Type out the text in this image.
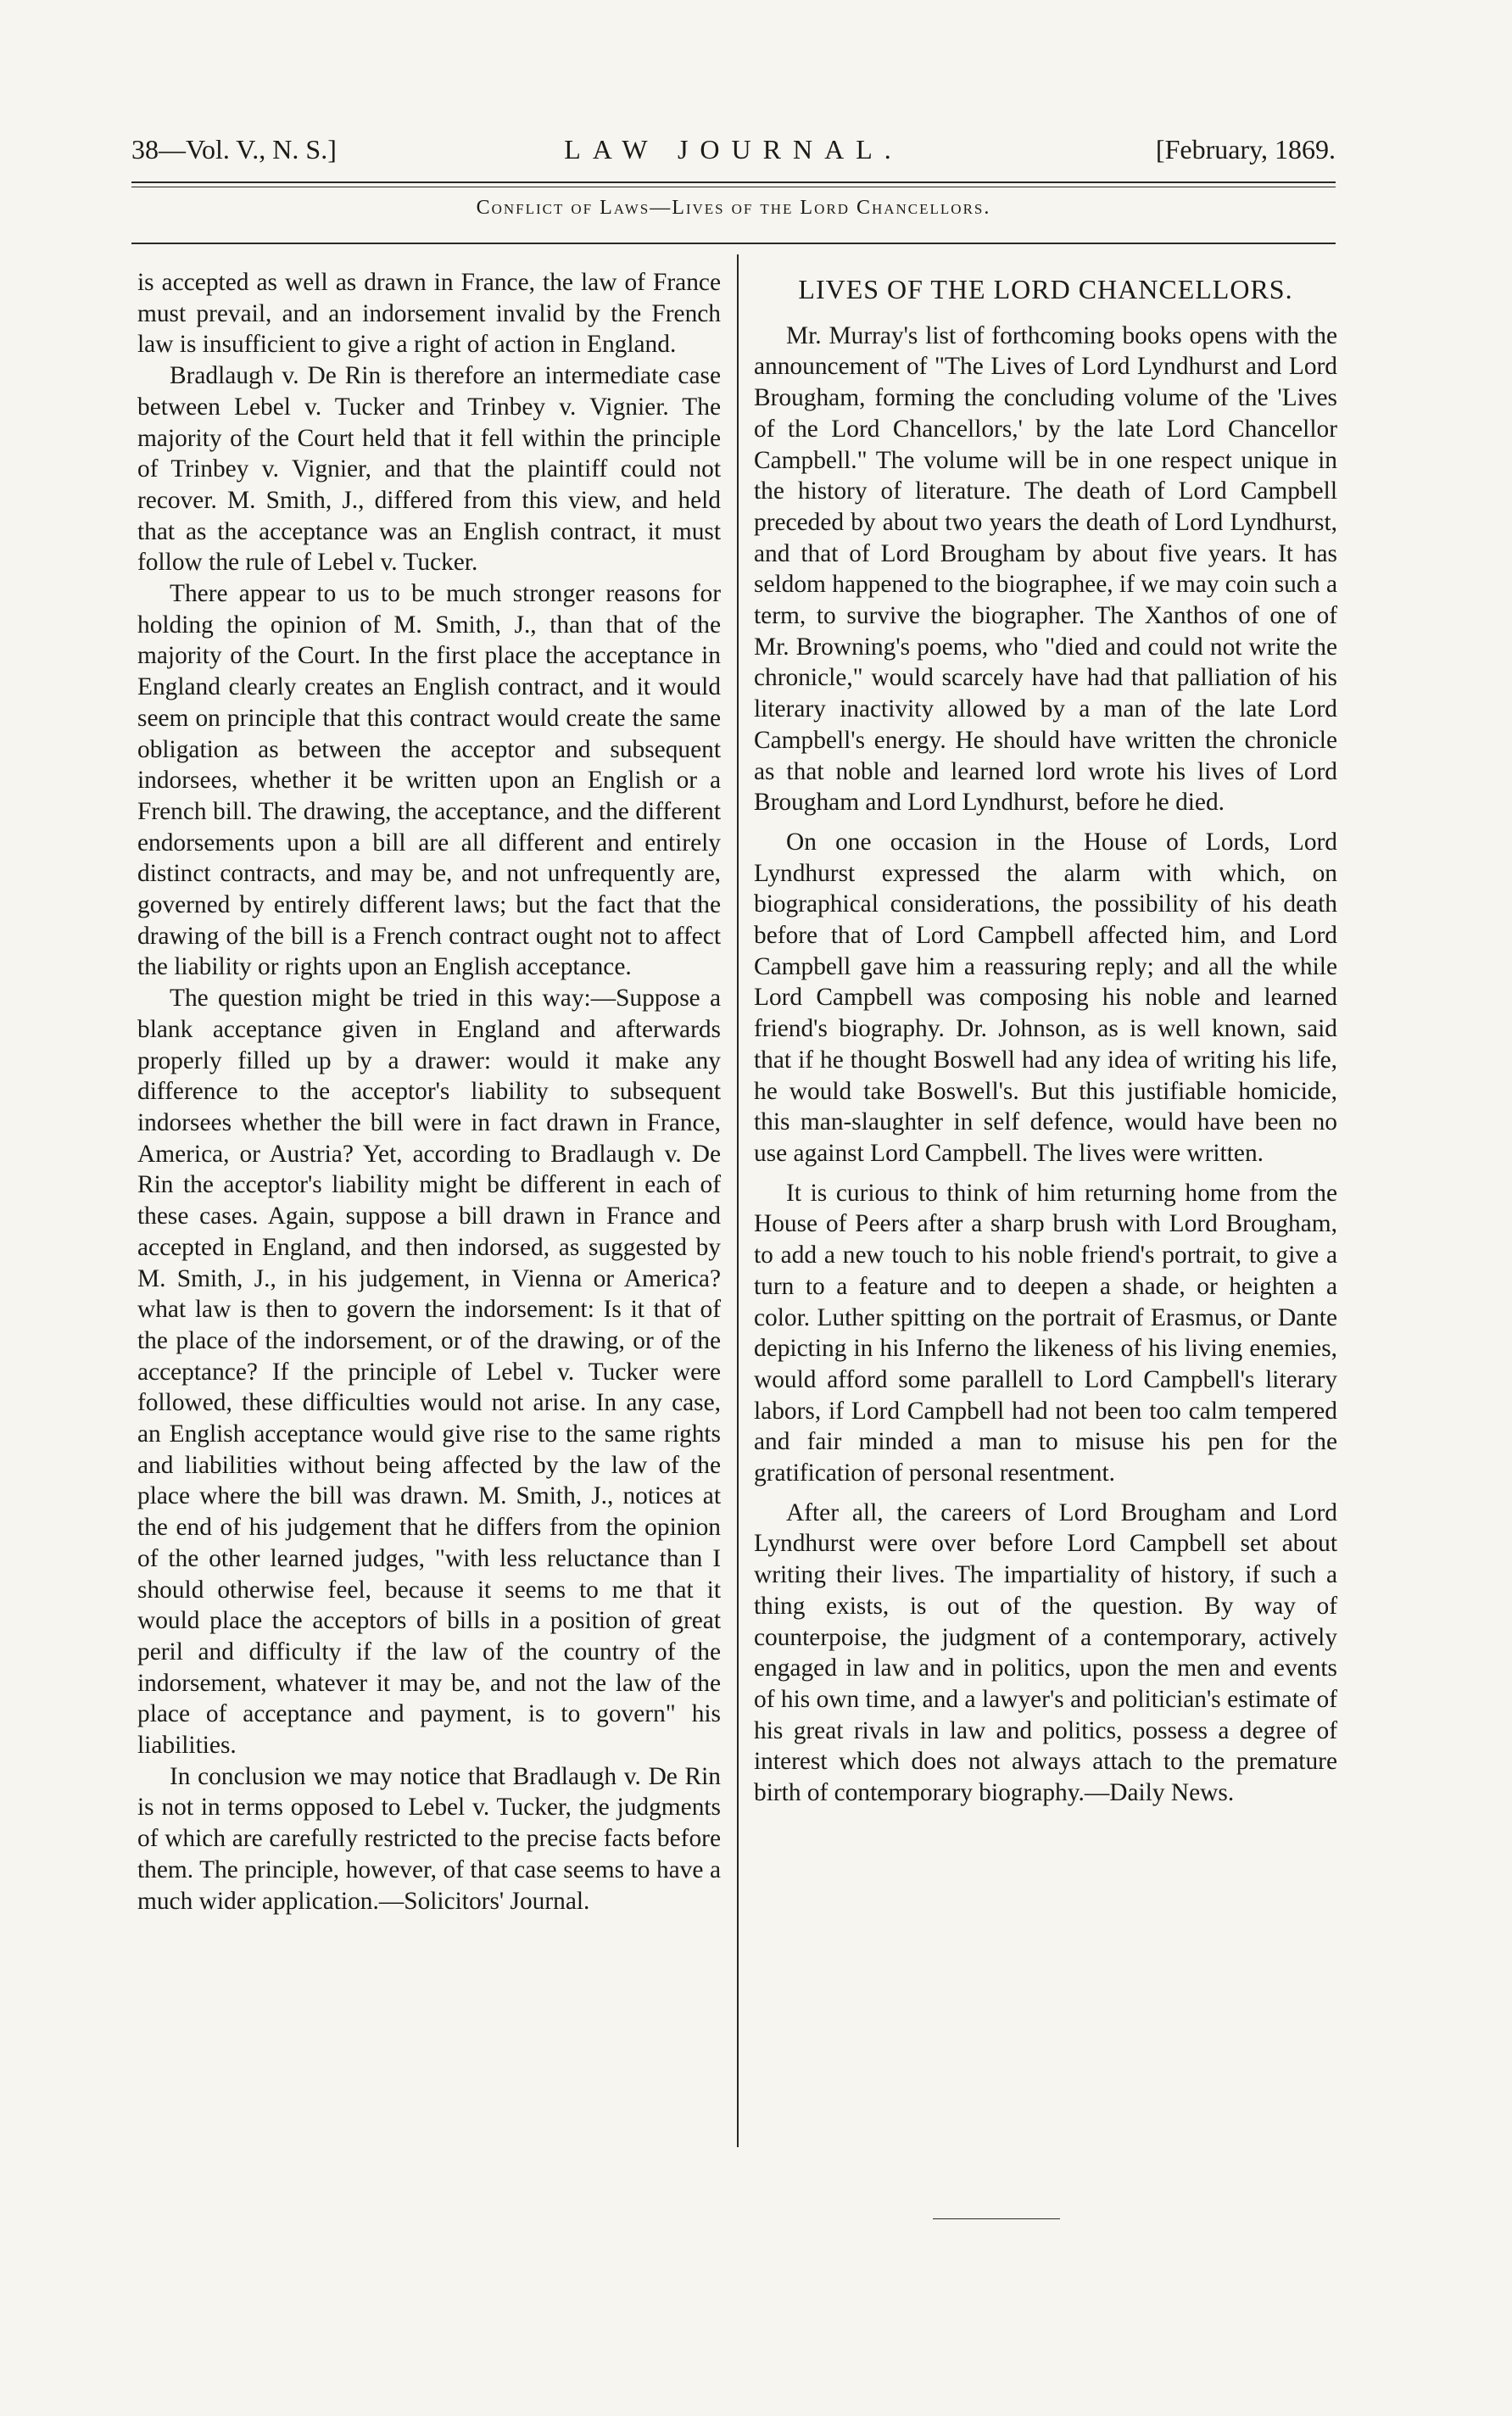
38—Vol. V., N. S.]	LAW JOURNAL.	[February, 1869.
Conflict of Laws—Lives of the Lord Chancellors.

is accepted as well as drawn in France, the law of France must prevail, and an indorsement invalid by the French law is insufficient to give a right of action in England.

Bradlaugh v. De Rin is therefore an intermediate case between Lebel v. Tucker and Trinbey v. Vignier. The majority of the Court held that it fell within the principle of Trinbey v. Vignier, and that the plaintiff could not recover. M. Smith, J., differed from this view, and held that as the acceptance was an English contract, it must follow the rule of Lebel v. Tucker.

There appear to us to be much stronger reasons for holding the opinion of M. Smith, J., than that of the majority of the Court. In the first place the acceptance in England clearly creates an English contract, and it would seem on principle that this contract would create the same obligation as between the acceptor and subsequent indorsees, whether it be written upon an English or a French bill. The drawing, the acceptance, and the different endorsements upon a bill are all different and entirely distinct contracts, and may be, and not unfrequently are, governed by entirely different laws; but the fact that the drawing of the bill is a French contract ought not to affect the liability or rights upon an English acceptance.

The question might be tried in this way:—Suppose a blank acceptance given in England and afterwards properly filled up by a drawer: would it make any difference to the acceptor's liability to subsequent indorsees whether the bill were in fact drawn in France, America, or Austria? Yet, according to Bradlaugh v. De Rin the acceptor's liability might be different in each of these cases. Again, suppose a bill drawn in France and accepted in England, and then indorsed, as suggested by M. Smith, J., in his judgement, in Vienna or America? what law is then to govern the indorsement: Is it that of the place of the indorsement, or of the drawing, or of the acceptance? If the principle of Lebel v. Tucker were followed, these difficulties would not arise. In any case, an English acceptance would give rise to the same rights and liabilities without being affected by the law of the place where the bill was drawn. M. Smith, J., notices at the end of his judgement that he differs from the opinion of the other learned judges, "with less reluctance than I should otherwise feel, because it seems to me that it would place the acceptors of bills in a position of great peril and difficulty if the law of the country of the indorsement, whatever it may be, and not the law of the place of acceptance and payment, is to govern" his liabilities.

In conclusion we may notice that Bradlaugh v. De Rin is not in terms opposed to Lebel v. Tucker, the judgments of which are carefully restricted to the precise facts before them. The principle, however, of that case seems to have a much wider application.—Solicitors' Journal.

LIVES OF THE LORD CHANCELLORS.

Mr. Murray's list of forthcoming books opens with the announcement of "The Lives of Lord Lyndhurst and Lord Brougham, forming the concluding volume of the 'Lives of the Lord Chancellors,' by the late Lord Chancellor Campbell." The volume will be in one respect unique in the history of literature. The death of Lord Campbell preceded by about two years the death of Lord Lyndhurst, and that of Lord Brougham by about five years. It has seldom happened to the biographee, if we may coin such a term, to survive the biographer. The Xanthos of one of Mr. Browning's poems, who "died and could not write the chronicle," would scarcely have had that palliation of his literary inactivity allowed by a man of the late Lord Campbell's energy. He should have written the chronicle as that noble and learned lord wrote his lives of Lord Brougham and Lord Lyndhurst, before he died.

On one occasion in the House of Lords, Lord Lyndhurst expressed the alarm with which, on biographical considerations, the possibility of his death before that of Lord Campbell affected him, and Lord Campbell gave him a reassuring reply; and all the while Lord Campbell was composing his noble and learned friend's biography. Dr. Johnson, as is well known, said that if he thought Boswell had any idea of writing his life, he would take Boswell's. But this justifiable homicide, this man-slaughter in self defence, would have been no use against Lord Campbell. The lives were written.

It is curious to think of him returning home from the House of Peers after a sharp brush with Lord Brougham, to add a new touch to his noble friend's portrait, to give a turn to a feature and to deepen a shade, or heighten a color. Luther spitting on the portrait of Erasmus, or Dante depicting in his Inferno the likeness of his living enemies, would afford some parallell to Lord Campbell's literary labors, if Lord Campbell had not been too calm tempered and fair minded a man to misuse his pen for the gratification of personal resentment.

After all, the careers of Lord Brougham and Lord Lyndhurst were over before Lord Campbell set about writing their lives. The impartiality of history, if such a thing exists, is out of the question. By way of counterpoise, the judgment of a contemporary, actively engaged in law and in politics, upon the men and events of his own time, and a lawyer's and politician's estimate of his great rivals in law and politics, possess a degree of interest which does not always attach to the premature birth of contemporary biography.—Daily News.
